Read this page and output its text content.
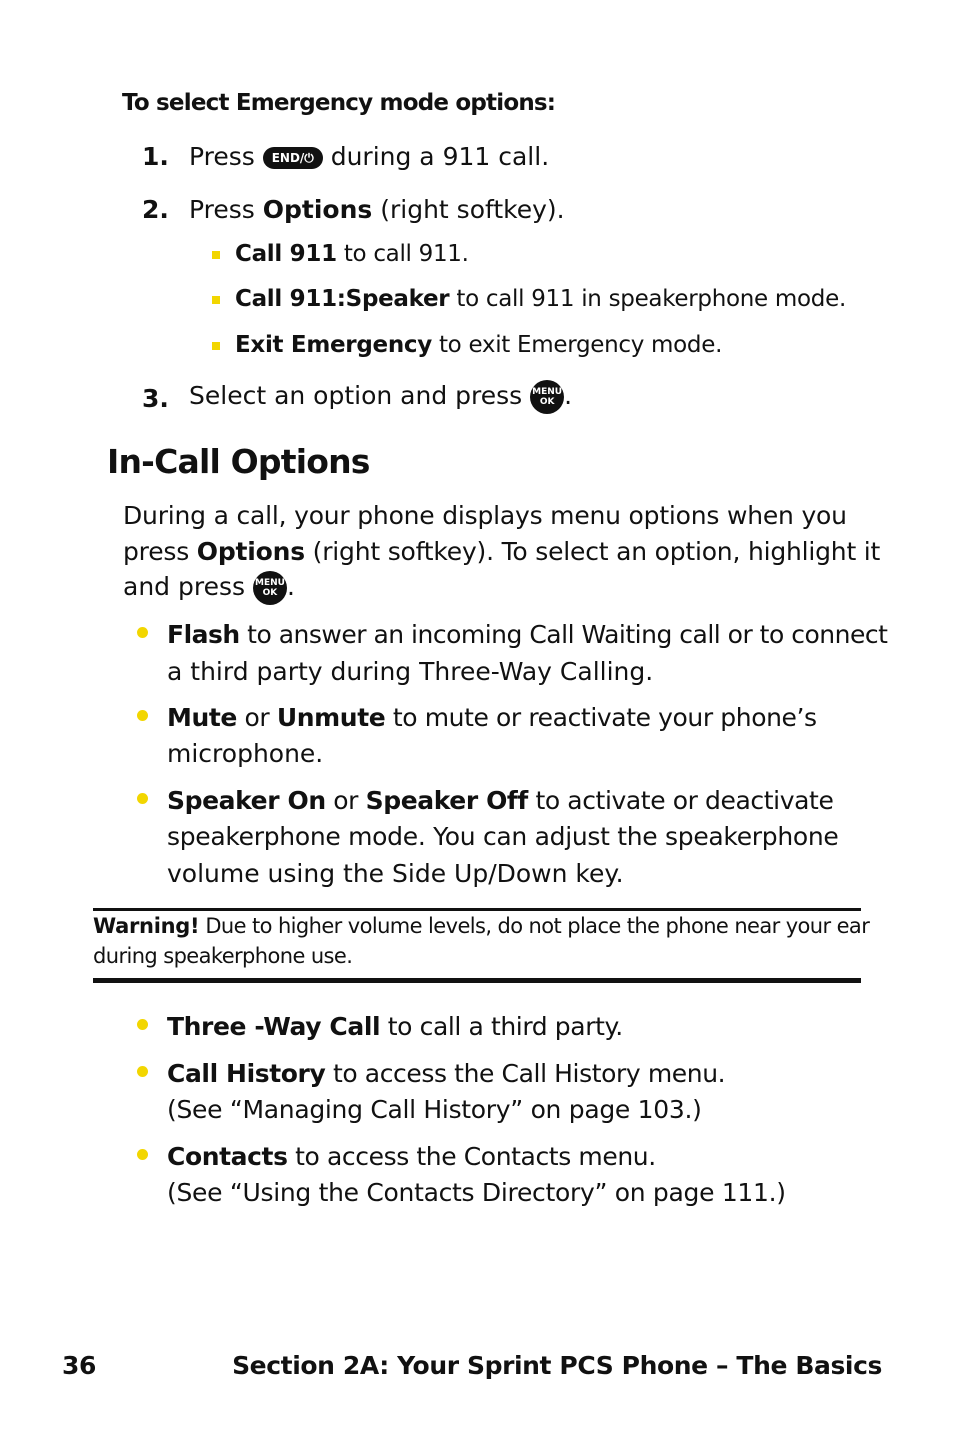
To select Emergency mode options:
1. Press END/⏻ during a 911 call.
2. Press Options (right softkey).
Call 911 to call 911.
Call 911:Speaker to call 911 in speakerphone mode.
Exit Emergency to exit Emergency mode.
3. Select an option and press MENU
OK .
In-Call Options
During a call, your phone displays menu options when you
press Options (right softkey). To select an option, highlight it
and press MENU
OK .
Flash to answer an incoming Call Waiting call or to connect
a third party during Three-Way Calling.
Mute or Unmute to mute or reactivate your phone’s
microphone.
Speaker On or Speaker Off to activate or deactivate
speakerphone mode. You can adjust the speakerphone
volume using the Side Up/Down key.
Warning! Due to higher volume levels, do not place the phone near your ear
during speakerphone use.
Three -Way Call to call a third party.
Call History to access the Call History menu.
(See “Managing Call History” on page 103.)
Contacts to access the Contacts menu.
(See “Using the Contacts Directory” on page 111.)
36	Section 2A: Your Sprint PCS Phone – The Basics
